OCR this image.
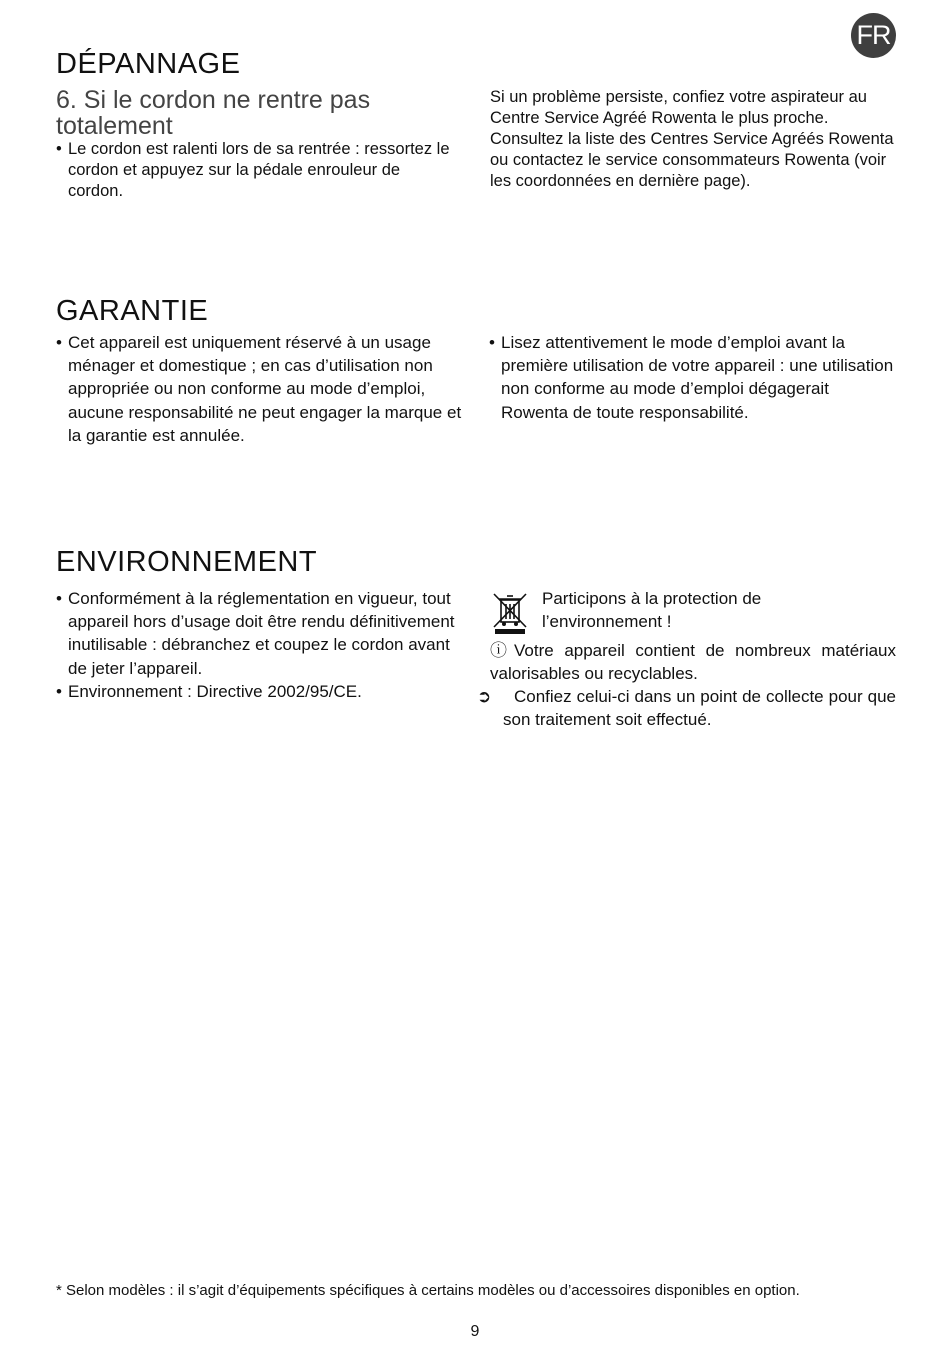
FR
DÉPANNAGE
6. Si le cordon ne rentre pas totalement
• Le cordon est ralenti lors de sa rentrée : ressortez le cordon et appuyez sur la pédale enrouleur de cordon.

Si un problème persiste, confiez votre aspirateur au Centre Service Agréé Rowenta le plus proche. Consultez la liste des Centres Service Agréés Rowenta ou contactez le service consommateurs Rowenta (voir les coordonnées en dernière page).

GARANTIE
• Cet appareil est uniquement réservé à un usage ménager et domestique ; en cas d’utilisation non appropriée ou non conforme au mode d’emploi, aucune responsabilité ne peut engager la marque et la garantie est annulée.
• Lisez attentivement le mode d’emploi avant la première utilisation de votre appareil : une utilisation non conforme au mode d’emploi dégagerait Rowenta de toute responsabilité.
ENVIRONNEMENT
• Conformément à la réglementation en vigueur, tout appareil hors d’usage doit être rendu définitivement inutilisable : débranchez et coupez le cordon avant de jeter l’appareil.
• Environnement : Directive 2002/95/CE.

Participons à la protection de l’environnement !

ⓘ Votre appareil contient de nombreux matériaux valorisables ou recyclables.

➲ Confiez celui-ci dans un point de collecte pour que son traitement soit effectué.

* Selon modèles : il s’agit d’équipements spécifiques à certains modèles ou d’accessoires disponibles en option.

9
